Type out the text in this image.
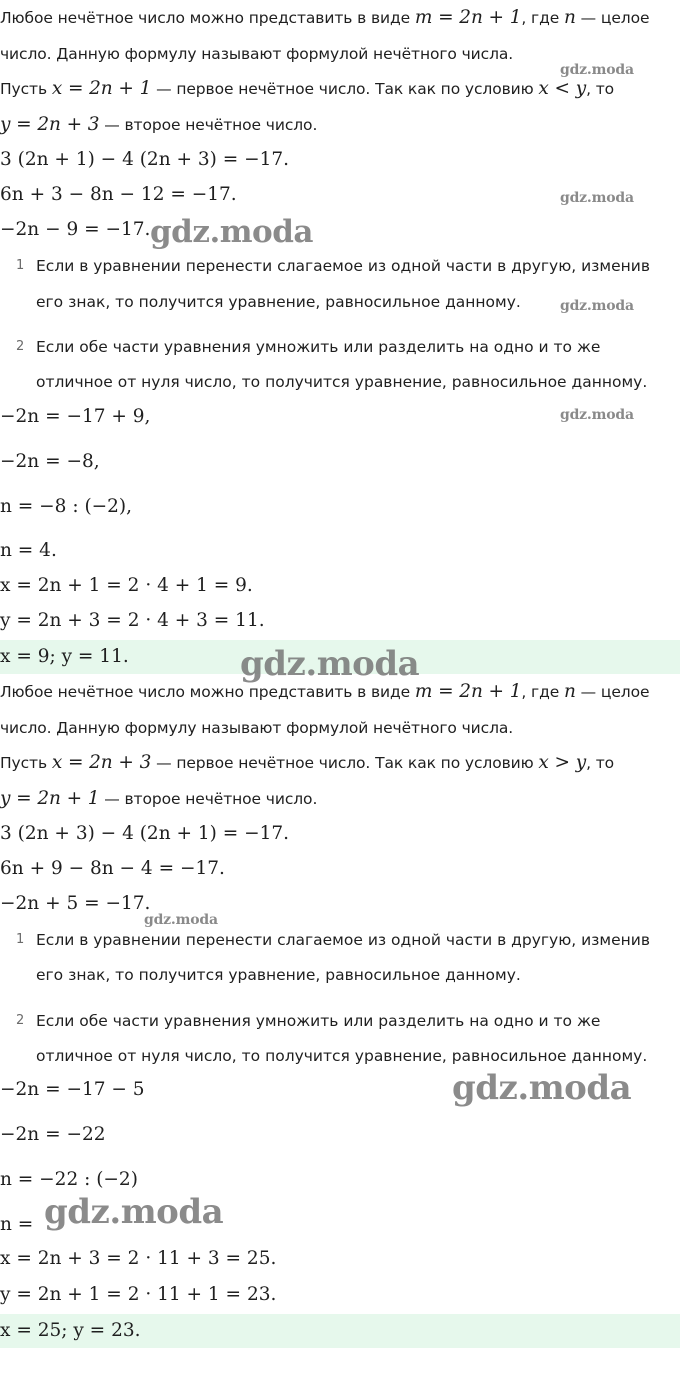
Любое нечётное число можно представить в виде m = 2n + 1, где n — целое
число. Данную формулу называют формулой нечётного числа.
Пусть x = 2n + 1 — первое нечётное число. Так как по условию x < y, то
y = 2n + 3 — второе нечётное число.
3 (2n + 1) − 4 (2n + 3) = −17.
6n + 3 − 8n − 12 = −17.
−2n − 9 = −17.
1 Если в уравнении перенести слагаемое из одной части в другую, изменив
его знак, то получится уравнение, равносильное данному.
2 Если обе части уравнения умножить или разделить на одно и то же
отличное от нуля число, то получится уравнение, равносильное данному.
−2n = −17 + 9,
−2n = −8,
n = −8 : (−2),
n = 4.
x = 2n + 1 = 2 · 4 + 1 = 9.
y = 2n + 3 = 2 · 4 + 3 = 11.
x = 9; y = 11.
Любое нечётное число можно представить в виде m = 2n + 1, где n — целое
число. Данную формулу называют формулой нечётного числа.
Пусть x = 2n + 3 — первое нечётное число. Так как по условию x > y, то
y = 2n + 1 — второе нечётное число.
3 (2n + 3) − 4 (2n + 1) = −17.
6n + 9 − 8n − 4 = −17.
−2n + 5 = −17.
1 Если в уравнении перенести слагаемое из одной части в другую, изменив
его знак, то получится уравнение, равносильное данному.
2 Если обе части уравнения умножить или разделить на одно и то же
отличное от нуля число, то получится уравнение, равносильное данному.
−2n = −17 − 5
−2n = −22
n = −22 : (−2)
n =
x = 2n + 3 = 2 · 11 + 3 = 25.
y = 2n + 1 = 2 · 11 + 1 = 23.
x = 25; y = 23.
gdz.moda
gdz.moda
gdz.moda
gdz.moda
gdz.moda
gdz.moda
gdz.moda
gdz.moda
gdz.moda
